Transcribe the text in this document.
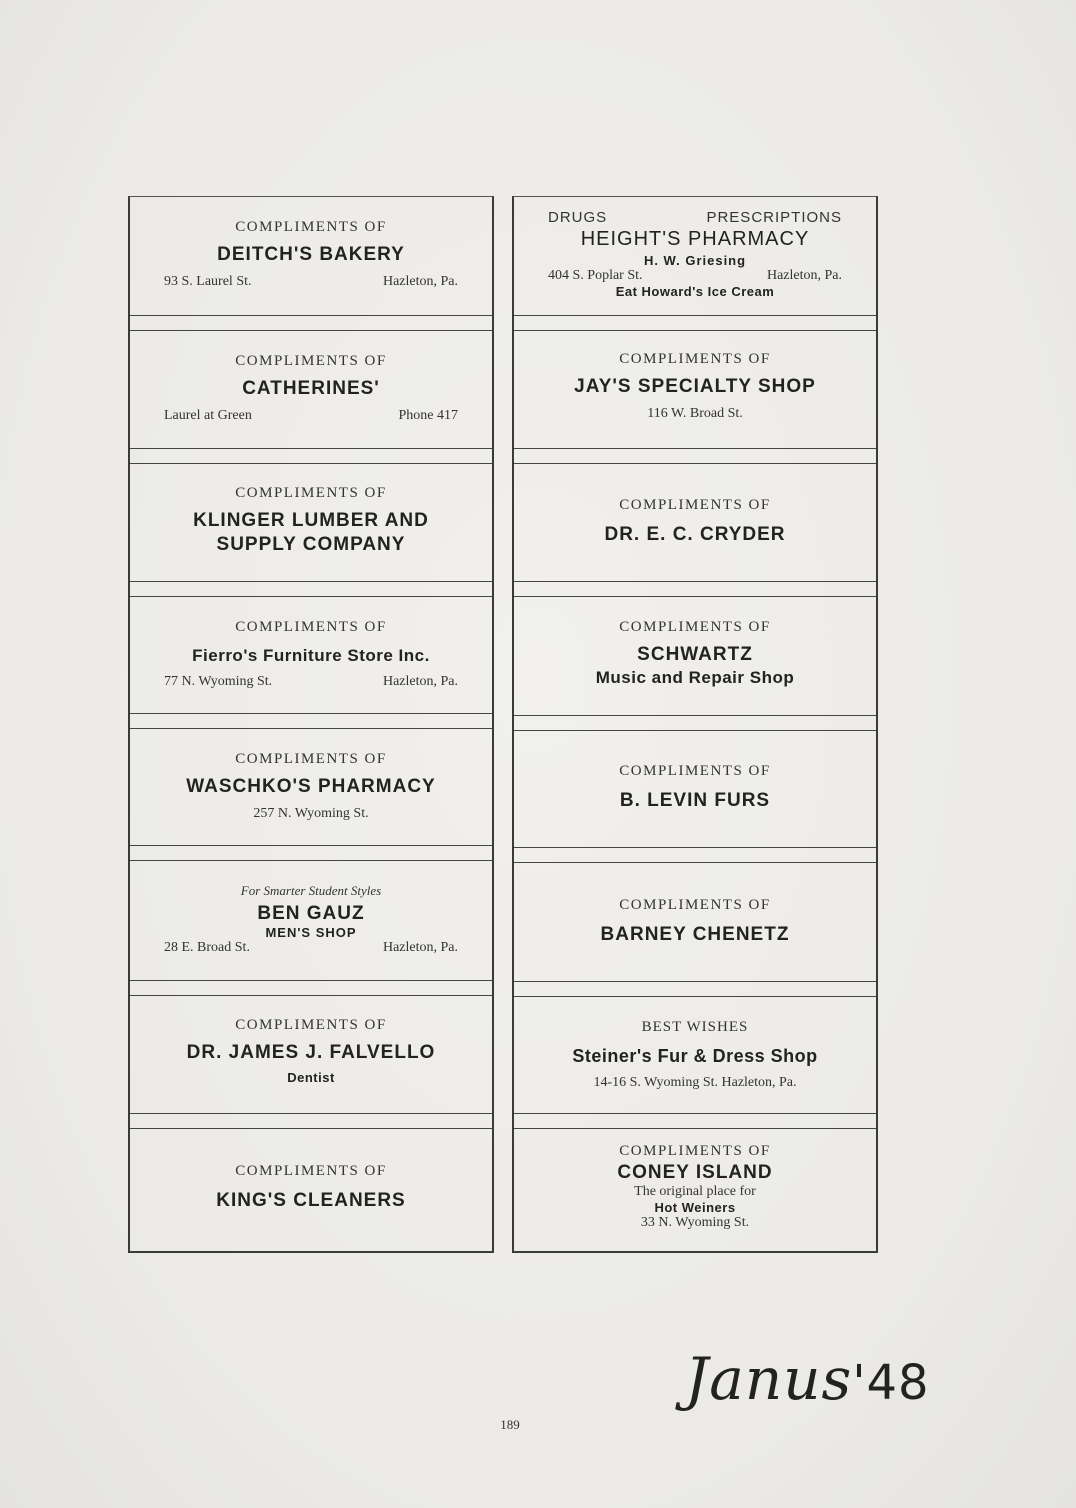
COMPLIMENTS OF
DEITCH'S BAKERY
93 S. Laurel St.	Hazleton, Pa.
COMPLIMENTS OF
CATHERINES'
Laurel at Green	Phone 417
COMPLIMENTS OF
KLINGER LUMBER AND
SUPPLY COMPANY
COMPLIMENTS OF
Fierro's Furniture Store Inc.
77 N. Wyoming St.	Hazleton, Pa.
COMPLIMENTS OF
WASCHKO'S PHARMACY
257 N. Wyoming St.
For Smarter Student Styles
BEN GAUZ
MEN'S SHOP
28 E. Broad St.	Hazleton, Pa.
COMPLIMENTS OF
DR. JAMES J. FALVELLO
Dentist
COMPLIMENTS OF
KING'S CLEANERS
DRUGS	PRESCRIPTIONS
HEIGHT'S PHARMACY
H. W. Griesing
404 S. Poplar St.	Hazleton, Pa.
Eat Howard's Ice Cream
COMPLIMENTS OF
JAY'S SPECIALTY SHOP
116 W. Broad St.
COMPLIMENTS OF
DR. E. C. CRYDER
COMPLIMENTS OF
SCHWARTZ
Music and Repair Shop
COMPLIMENTS OF
B. LEVIN FURS
COMPLIMENTS OF
BARNEY CHENETZ
BEST WISHES
Steiner's Fur & Dress Shop
14-16 S. Wyoming St. Hazleton, Pa.
COMPLIMENTS OF
CONEY ISLAND
The original place for
Hot Weiners
33 N. Wyoming St.
189
Janus'48
